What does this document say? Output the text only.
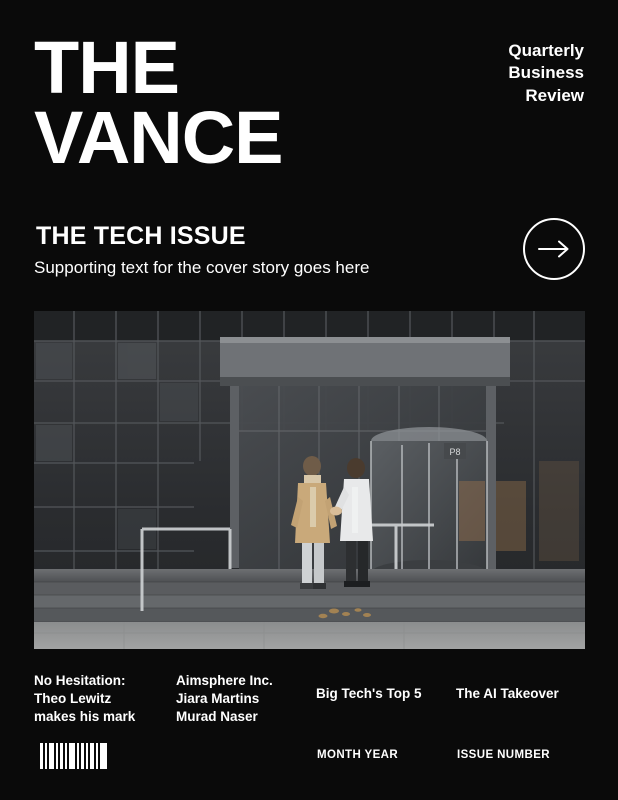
THE
VANCE
Quarterly
Business
Review
THE TECH ISSUE
Supporting text for the cover story goes here
P8
No Hesitation:
Theo Lewitz
makes his mark
Aimsphere Inc.
Jiara Martins
Murad Naser
Big Tech's Top 5	The AI Takeover
MONTH YEAR	ISSUE NUMBER
